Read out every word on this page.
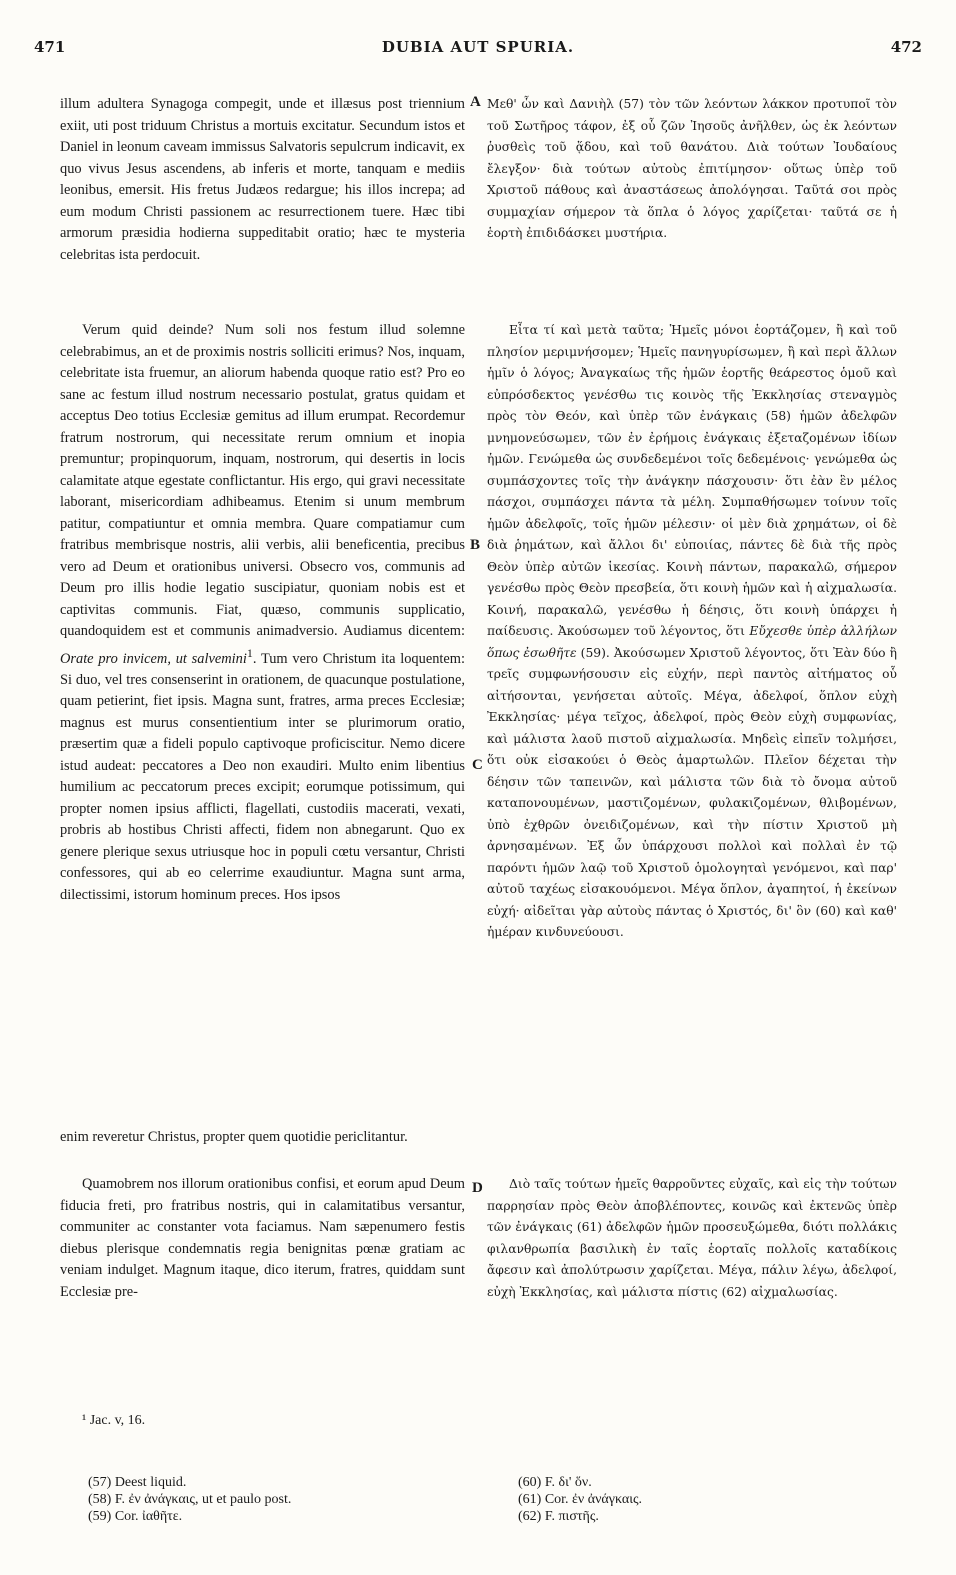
471	DUBIA AUT SPURIA.	472

illum adultera Synagoga compegit, unde et illæsus post triennium exiit, uti post triduum Christus a mortuis excitatur. Secundum istos et Daniel in leonum caveam immissus Salvatoris sepulcrum indicavit, ex quo vivus Jesus ascendens, ab inferis et morte, tanquam e mediis leonibus, emersit. His fretus Judæos redargue; his illos increpa; ad eum modum Christi passionem ac resurrectionem tuere. Hæc tibi armorum præsidia hodierna suppeditabit oratio; hæc te mysteria celebritas ista perdocuit.

Verum quid deinde? Num soli nos festum illud solemne celebrabimus, an et de proximis nostris solliciti erimus? Nos, inquam, celebritate ista fruemur, an aliorum habenda quoque ratio est? Pro eo sane ac festum illud nostrum necessario postulat, gratus quidam et acceptus Deo totius Ecclesiæ gemitus ad illum erumpat. Recordemur fratrum nostrorum, qui necessitate rerum omnium et inopia premuntur; propinquorum, inquam, nostrorum, qui desertis in locis calamitate atque egestate conflictantur. His ergo, qui gravi necessitate laborant, misericordiam adhibeamus. Etenim si unum membrum patitur, compatiuntur et omnia membra. Quare compatiamur cum fratribus membrisque nostris, alii verbis, alii beneficentia, precibus vero ad Deum et orationibus universi. Obsecro vos, communis ad Deum pro illis hodie legatio suscipiatur, quoniam nobis est et captivitas communis. Fiat, quæso, communis supplicatio, quandoquidem est et communis animadversio. Audiamus dicentem: Orate pro invicem, ut salvemini$^1$. Tum vero Christum ita loquentem: Si duo, vel tres consenserint in orationem, de quacunque postulatione, quam petierint, fiet ipsis. Magna sunt, fratres, arma preces Ecclesiæ; magnus est murus consentientium inter se plurimorum oratio, præsertim quæ a fideli populo captivoque proficiscitur. Nemo dicere istud audeat: peccatores a Deo non exaudiri. Multo enim libentius humilium ac peccatorum preces excipit; eorumque potissimum, qui propter nomen ipsius afflicti, flagellati, custodiis macerati, vexati, probris ab hostibus Christi affecti, fidem non abnegarunt. Quo ex genere plerique sexus utriusque hoc in populi cœtu versantur, Christi confessores, qui ab eo celerrime exaudiuntur. Magna sunt arma, dilectissimi, istorum hominum preces. Hos ipsos

Μεθ' ὧν καὶ Δανιὴλ (57) τὸν τῶν λεόντων λάκκον προτυποῖ τὸν τοῦ Σωτῆρος τάφον, ἐξ οὗ ζῶν Ἰησοῦς ἀνῆλθεν, ὡς ἐκ λεόντων ῥυσθεὶς τοῦ ᾅδου, καὶ τοῦ θανάτου. Διὰ τούτων Ἰουδαίους ἔλεγξον· διὰ τούτων αὐτοὺς ἐπιτίμησον· οὕτως ὑπὲρ τοῦ Χριστοῦ πάθους καὶ ἀναστάσεως ἀπολόγησαι. Ταῦτά σοι πρὸς συμμαχίαν σήμερον τὰ ὅπλα ὁ λόγος χαρίζεται· ταῦτά σε ἡ ἑορτὴ ἐπιδιδάσκει μυστήρια.

Εἶτα τί καὶ μετὰ ταῦτα; Ἡμεῖς μόνοι ἑορτάζομεν, ἢ καὶ τοῦ πλησίον μεριμνήσομεν; Ἡμεῖς πανηγυρίσωμεν, ἢ καὶ περὶ ἄλλων ἡμῖν ὁ λόγος; Ἀναγκαίως τῆς ἡμῶν ἑορτῆς θεάρεστος ὁμοῦ καὶ εὐπρόσδεκτος γενέσθω τις κοινὸς τῆς Ἐκκλησίας στεναγμὸς πρὸς τὸν Θεόν, καὶ ὑπὲρ τῶν ἐνάγκαις (58) ἡμῶν ἀδελφῶν μνημονεύσωμεν, τῶν ἐν ἐρήμοις ἐνάγκαις ἐξεταζομένων ἰδίων ἡμῶν. Γενώμεθα ὡς συνδεδεμένοι τοῖς δεδεμένοις· γενώμεθα ὡς συμπάσχοντες τοῖς τὴν ἀνάγκην πάσχουσιν· ὅτι ἐὰν ἓν μέλος πάσχοι, συμπάσχει πάντα τὰ μέλη. Συμπαθήσωμεν τοίνυν τοῖς ἡμῶν ἀδελφοῖς, τοῖς ἡμῶν μέλεσιν· οἱ μὲν διὰ χρημάτων, οἱ δὲ διὰ ῥημάτων, καὶ ἄλλοι δι' εὐποιίας, πάντες δὲ διὰ τῆς πρὸς Θεὸν ὑπὲρ αὐτῶν ἱκεσίας. Κοινὴ πάντων, παρακαλῶ, σήμερον γενέσθω πρὸς Θεὸν πρεσβεία, ὅτι κοινὴ ἡμῶν καὶ ἡ αἰχμαλωσία. Κοινή, παρακαλῶ, γενέσθω ἡ δέησις, ὅτι κοινὴ ὑπάρχει ἡ παίδευσις. Ἀκούσωμεν τοῦ λέγοντος, ὅτι Εὔχεσθε ὑπὲρ ἀλλήλων ὅπως ἐσωθῆτε (59). Ἀκούσωμεν Χριστοῦ λέγοντος, ὅτι Ἐὰν δύο ἢ τρεῖς συμφωνήσουσιν εἰς εὐχήν, περὶ παντὸς αἰτήματος οὗ αἰτήσονται, γενήσεται αὐτοῖς. Μέγα, ἀδελφοί, ὅπλον εὐχὴ Ἐκκλησίας· μέγα τεῖχος, ἀδελφοί, πρὸς Θεὸν εὐχὴ συμφωνίας, καὶ μάλιστα λαοῦ πιστοῦ αἰχμαλωσία. Μηδεὶς εἰπεῖν τολμήσει, ὅτι οὐκ εἰσακούει ὁ Θεὸς ἁμαρτωλῶν. Πλεῖον δέχεται τὴν δέησιν τῶν ταπεινῶν, καὶ μάλιστα τῶν διὰ τὸ ὄνομα αὐτοῦ καταπονουμένων, μαστιζομένων, φυλακιζομένων, θλιβομένων, ὑπὸ ἐχθρῶν ὀνειδιζομένων, καὶ τὴν πίστιν Χριστοῦ μὴ ἀρνησαμένων. Ἐξ ὧν ὑπάρχουσι πολλοὶ καὶ πολλαὶ ἐν τῷ παρόντι ἡμῶν λαῷ τοῦ Χριστοῦ ὁμολογηταὶ γενόμενοι, καὶ παρ' αὐτοῦ ταχέως εἰσακουόμενοι. Μέγα ὅπλον, ἀγαπητοί, ἡ ἐκείνων εὐχή· αἰδεῖται γὰρ αὐτοὺς πάντας ὁ Χριστός, δι' ὃν (60) καὶ καθ' ἡμέραν κινδυνεύουσι.

enim reveretur Christus, propter quem quotidie periclitantur.

Quamobrem nos illorum orationibus confisi, et eorum apud Deum fiducia freti, pro fratribus nostris, qui in calamitatibus versantur, communiter ac constanter vota faciamus. Nam sæpenumero festis diebus plerisque condemnatis regia benignitas pœnæ gratiam ac veniam indulget. Magnum itaque, dico iterum, fratres, quiddam sunt Ecclesiæ pre-

Διὸ ταῖς τούτων ἡμεῖς θαρροῦντες εὐχαῖς, καὶ εἰς τὴν τούτων παρρησίαν πρὸς Θεὸν ἀποβλέποντες, κοινῶς καὶ ἐκτενῶς ὑπὲρ τῶν ἐνάγκαις (61) ἀδελφῶν ἡμῶν προσευξώμεθα, διότι πολλάκις φιλανθρωπία βασιλικὴ ἐν ταῖς ἑορταῖς πολλοῖς καταδίκοις ἄφεσιν καὶ ἀπολύτρωσιν χαρίζεται. Μέγα, πάλιν λέγω, ἀδελφοί, εὐχὴ Ἐκκλησίας, καὶ μάλιστα πίστις (62) αἰχμαλωσίας.

A
B
C
D
¹ Jac. v, 16.
(57) Deest liquid.
(58) F. ἐν ἀνάγκαις, ut et paulo post.
(59) Cor. ἰαθῆτε.
(60) F. δι' ὅν.
(61) Cor. ἐν ἀνάγκαις.
(62) F. πιστῆς.
